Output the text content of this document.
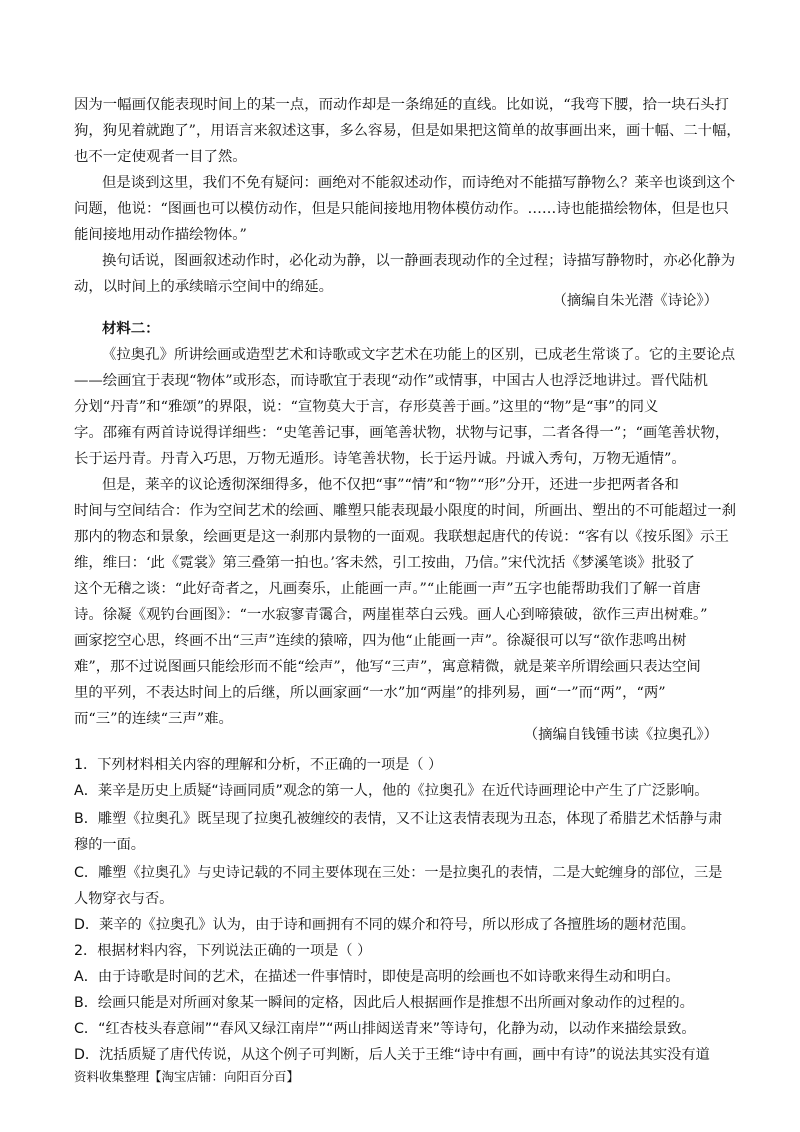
因为一幅画仅能表现时间上的某一点，而动作却是一条绵延的直线。比如说，“我弯下腰，拾一块石头打
狗，狗见着就跑了”，用语言来叙述这事，多么容易，但是如果把这简单的故事画出来，画十幅、二十幅，
也不一定使观者一目了然。
但是谈到这里，我们不免有疑问：画绝对不能叙述动作，而诗绝对不能描写静物么？莱辛也谈到这个
问题，他说：“图画也可以模仿动作，但是只能间接地用物体模仿动作。……诗也能描绘物体，但是也只
能间接地用动作描绘物体。”
换句话说，图画叙述动作时，必化动为静，以一静画表现动作的全过程；诗描写静物时，亦必化静为
动，以时间上的承续暗示空间中的绵延。
（摘编自朱光潜《诗论》）
材料二：
《拉奥孔》所讲绘画或造型艺术和诗歌或文字艺术在功能上的区别，已成老生常谈了。它的主要论点
——绘画宜于表现“物体”或形态，而诗歌宜于表现“动作”或情事，中国古人也浮泛地讲过。晋代陆机
分划“丹青”和“雅颂”的界限，说：“宣物莫大于言，存形莫善于画。”这里的“物”是“事”的同义
字。邵雍有两首诗说得详细些：“史笔善记事，画笔善状物，状物与记事，二者各得一”；“画笔善状物，
长于运丹青。丹青入巧思，万物无遁形。诗笔善状物，长于运丹诚。丹诚入秀句，万物无遁情”。
但是，莱辛的议论透彻深细得多，他不仅把“事”“情”和“物”“形”分开，还进一步把两者各和
时间与空间结合：作为空间艺术的绘画、雕塑只能表现最小限度的时间，所画出、塑出的不可能超过一刹
那内的物态和景象，绘画更是这一刹那内景物的一面观。我联想起唐代的传说：“客有以《按乐图》示王
维，维曰：‘此《霓裳》第三叠第一拍也。’客未然，引工按曲，乃信。”宋代沈括《梦溪笔谈》批驳了
这个无稽之谈：“此好奇者之，凡画奏乐，止能画一声。”“止能画一声”五字也能帮助我们了解一首唐
诗。徐凝《观钓台画图》：“一水寂寥青霭合，两崖崔萃白云残。画人心到啼猿破，欲作三声出树难。”
画家挖空心思，终画不出“三声”连续的猿啼，四为他“止能画一声”。徐凝很可以写“欲作悲鸣出树
难”，那不过说图画只能绘形而不能“绘声”，他写“三声”，寓意精微，就是莱辛所谓绘画只表达空间
里的平列，不表达时间上的后继，所以画家画“一水”加“两崖”的排列易，画“一”而“两”，“两”
而“三”的连续“三声”难。
（摘编自钱锺书读《拉奥孔》）
1．下列材料相关内容的理解和分析，不正确的一项是（ ）
A．莱辛是历史上质疑“诗画同质”观念的第一人，他的《拉奥孔》在近代诗画理论中产生了广泛影响。
B．雕塑《拉奥孔》既呈现了拉奥孔被缠绞的表情，又不让这表情表现为丑态，体现了希腊艺术恬静与肃
穆的一面。
C．雕塑《拉奥孔》与史诗记载的不同主要体现在三处：一是拉奥孔的表情，二是大蛇缠身的部位，三是
人物穿衣与否。
D．莱辛的《拉奥孔》认为，由于诗和画拥有不同的媒介和符号，所以形成了各擅胜场的题材范围。
2．根据材料内容，下列说法正确的一项是（ ）
A．由于诗歌是时间的艺术，在描述一件事情时，即使是高明的绘画也不如诗歌来得生动和明白。
B．绘画只能是对所画对象某一瞬间的定格，因此后人根据画作是推想不出所画对象动作的过程的。
C．“红杏枝头春意闹”“春风又绿江南岸”“两山排闼送青来”等诗句，化静为动，以动作来描绘景致。
D．沈括质疑了唐代传说，从这个例子可判断，后人关于王维“诗中有画，画中有诗”的说法其实没有道
资料收集整理【淘宝店铺：向阳百分百】
